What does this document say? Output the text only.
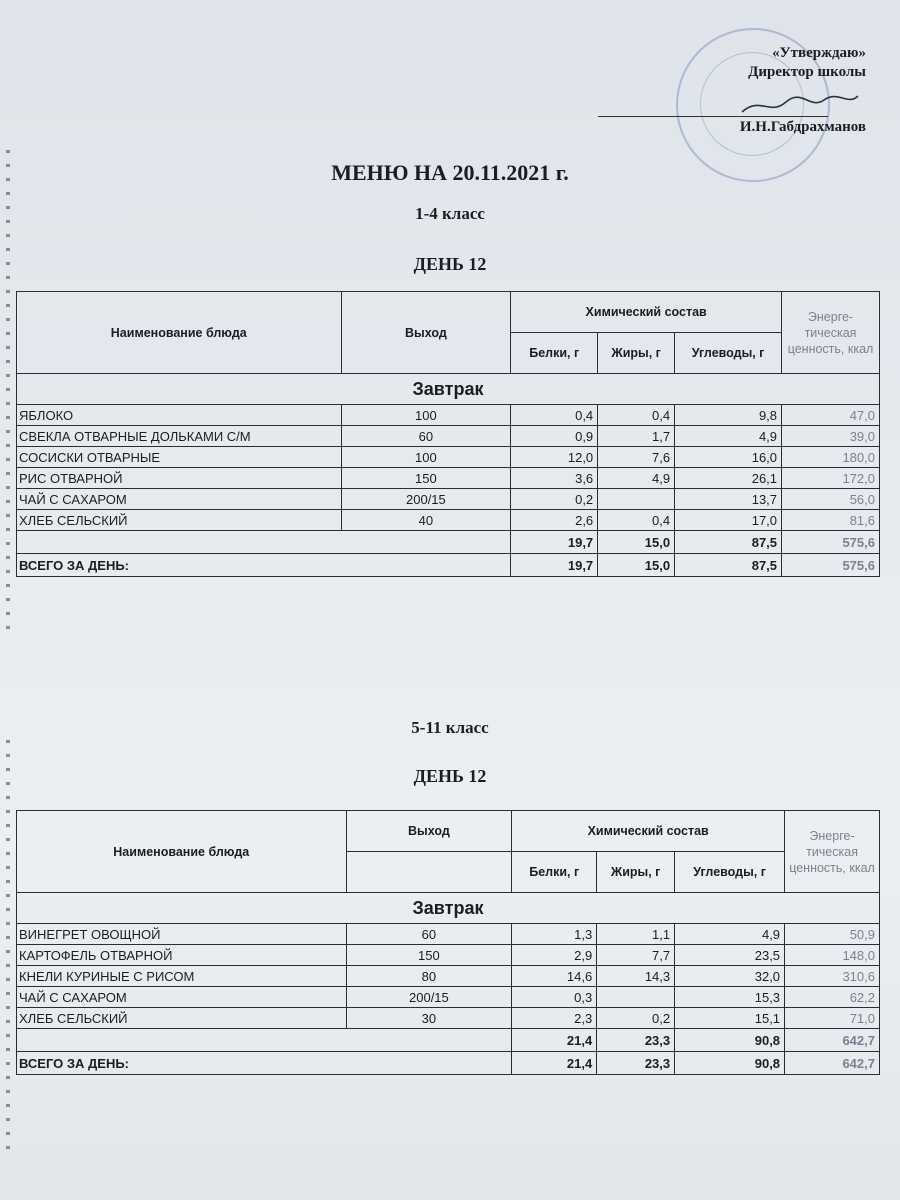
«Утверждаю»
Директор школы
И.Н.Габдрахманов
МЕНЮ НА 20.11.2021 г.
1-4 класс
ДЕНЬ 12
Наименование блюда	Выход	Химический состав			Энерге-тическая ценность, ккал
		Белки, г	Жиры, г	Углеводы, г	
Завтрак					
ЯБЛОКО	100	0,4	0,4	9,8	47,0
СВЕКЛА ОТВАРНЫЕ ДОЛЬКАМИ С/М	60	0,9	1,7	4,9	39,0
СОСИСКИ ОТВАРНЫЕ	100	12,0	7,6	16,0	180,0
РИС ОТВАРНОЙ	150	3,6	4,9	26,1	172,0
ЧАЙ С САХАРОМ	200/15	0,2		13,7	56,0
ХЛЕБ СЕЛЬСКИЙ	40	2,6	0,4	17,0	81,6
		19,7	15,0	87,5	575,6
ВСЕГО ЗА ДЕНЬ:		19,7	15,0	87,5	575,6
5-11 класс
ДЕНЬ 12
Наименование блюда	Выход	Химический состав			Энерге-тическая ценность, ккал
		Белки, г	Жиры, г	Углеводы, г	
Завтрак					
ВИНЕГРЕТ ОВОЩНОЙ	60	1,3	1,1	4,9	50,9
КАРТОФЕЛЬ ОТВАРНОЙ	150	2,9	7,7	23,5	148,0
КНЕЛИ КУРИНЫЕ С РИСОМ	80	14,6	14,3	32,0	310,6
ЧАЙ С САХАРОМ	200/15	0,3		15,3	62,2
ХЛЕБ СЕЛЬСКИЙ	30	2,3	0,2	15,1	71,0
		21,4	23,3	90,8	642,7
ВСЕГО ЗА ДЕНЬ:		21,4	23,3	90,8	642,7
